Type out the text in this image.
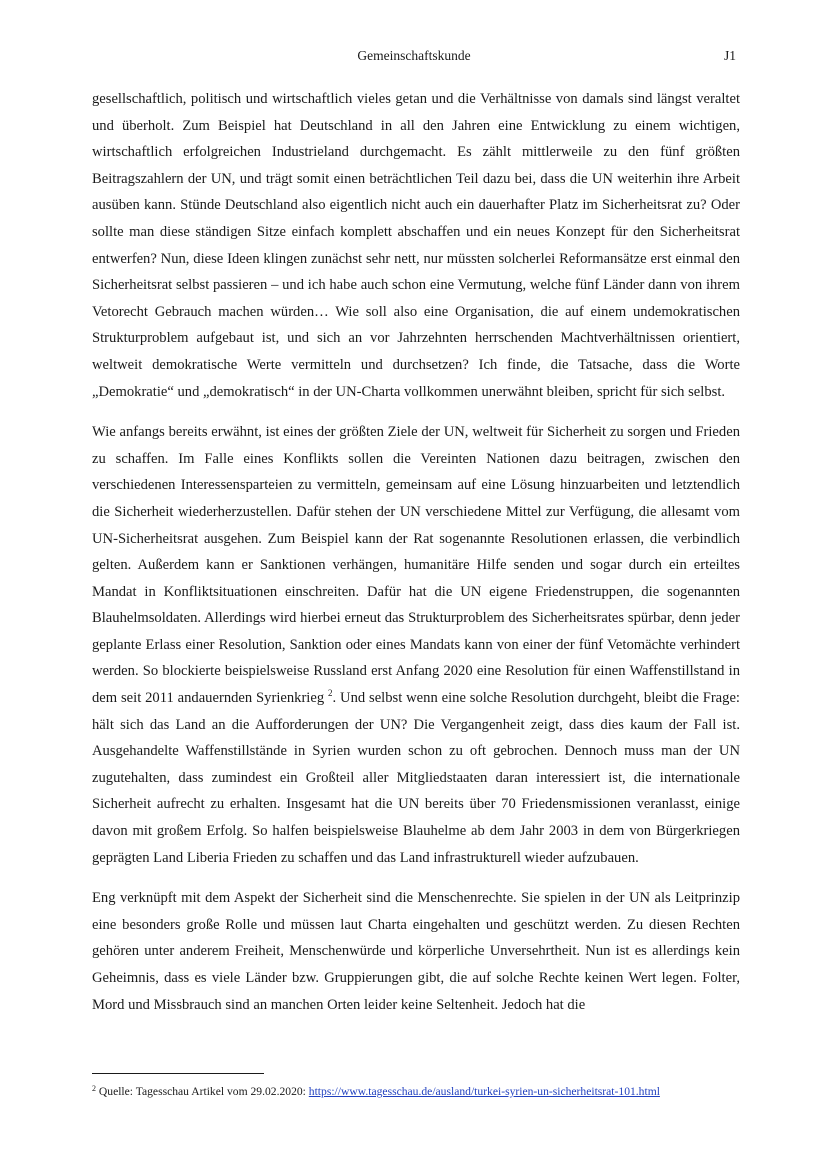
Gemeinschaftskunde	J1

gesellschaftlich, politisch und wirtschaftlich vieles getan und die Verhältnisse von damals sind längst veraltet und überholt. Zum Beispiel hat Deutschland in all den Jahren eine Entwicklung zu einem wichtigen, wirtschaftlich erfolgreichen Industrieland durchgemacht. Es zählt mittlerweile zu den fünf größten Beitragszahlern der UN, und trägt somit einen beträchtlichen Teil dazu bei, dass die UN weiterhin ihre Arbeit ausüben kann. Stünde Deutschland also eigentlich nicht auch ein dauerhafter Platz im Sicherheitsrat zu? Oder sollte man diese ständigen Sitze einfach komplett abschaffen und ein neues Konzept für den Sicherheitsrat entwerfen? Nun, diese Ideen klingen zunächst sehr nett, nur müssten solcherlei Reformansätze erst einmal den Sicherheitsrat selbst passieren – und ich habe auch schon eine Vermutung, welche fünf Länder dann von ihrem Vetorecht Gebrauch machen würden… Wie soll also eine Organisation, die auf einem undemokratischen Strukturproblem aufgebaut ist, und sich an vor Jahrzehnten herrschenden Machtverhältnissen orientiert, weltweit demokratische Werte vermitteln und durchsetzen? Ich finde, die Tatsache, dass die Worte „Demokratie“ und „demokratisch“ in der UN-Charta vollkommen unerwähnt bleiben, spricht für sich selbst.

Wie anfangs bereits erwähnt, ist eines der größten Ziele der UN, weltweit für Sicherheit zu sorgen und Frieden zu schaffen. Im Falle eines Konflikts sollen die Vereinten Nationen dazu beitragen, zwischen den verschiedenen Interessensparteien zu vermitteln, gemeinsam auf eine Lösung hinzuarbeiten und letztendlich die Sicherheit wiederherzustellen. Dafür stehen der UN verschiedene Mittel zur Verfügung, die allesamt vom UN-Sicherheitsrat ausgehen. Zum Beispiel kann der Rat sogenannte Resolutionen erlassen, die verbindlich gelten. Außerdem kann er Sanktionen verhängen, humanitäre Hilfe senden und sogar durch ein erteiltes Mandat in Konfliktsituationen einschreiten. Dafür hat die UN eigene Friedenstruppen, die sogenannten Blauhelmsoldaten. Allerdings wird hierbei erneut das Strukturproblem des Sicherheitsrates spürbar, denn jeder geplante Erlass einer Resolution, Sanktion oder eines Mandats kann von einer der fünf Vetomächte verhindert werden. So blockierte beispielsweise Russland erst Anfang 2020 eine Resolution für einen Waffenstillstand in dem seit 2011 andauernden Syrienkrieg $^2$. Und selbst wenn eine solche Resolution durchgeht, bleibt die Frage: hält sich das Land an die Aufforderungen der UN? Die Vergangenheit zeigt, dass dies kaum der Fall ist. Ausgehandelte Waffenstillstände in Syrien wurden schon zu oft gebrochen. Dennoch muss man der UN zugutehalten, dass zumindest ein Großteil aller Mitgliedstaaten daran interessiert ist, die internationale Sicherheit aufrecht zu erhalten. Insgesamt hat die UN bereits über 70 Friedensmissionen veranlasst, einige davon mit großem Erfolg. So halfen beispielsweise Blauhelme ab dem Jahr 2003 in dem von Bürgerkriegen geprägten Land Liberia Frieden zu schaffen und das Land infrastrukturell wieder aufzubauen.

Eng verknüpft mit dem Aspekt der Sicherheit sind die Menschenrechte. Sie spielen in der UN als Leitprinzip eine besonders große Rolle und müssen laut Charta eingehalten und geschützt werden. Zu diesen Rechten gehören unter anderem Freiheit, Menschenwürde und körperliche Unversehrtheit. Nun ist es allerdings kein Geheimnis, dass es viele Länder bzw. Gruppierungen gibt, die auf solche Rechte keinen Wert legen. Folter, Mord und Missbrauch sind an manchen Orten leider keine Seltenheit. Jedoch hat die

$^2$ Quelle: Tagesschau Artikel vom 29.02.2020: https://www.tagesschau.de/ausland/turkei-syrien-un-sicherheitsrat-101.html
